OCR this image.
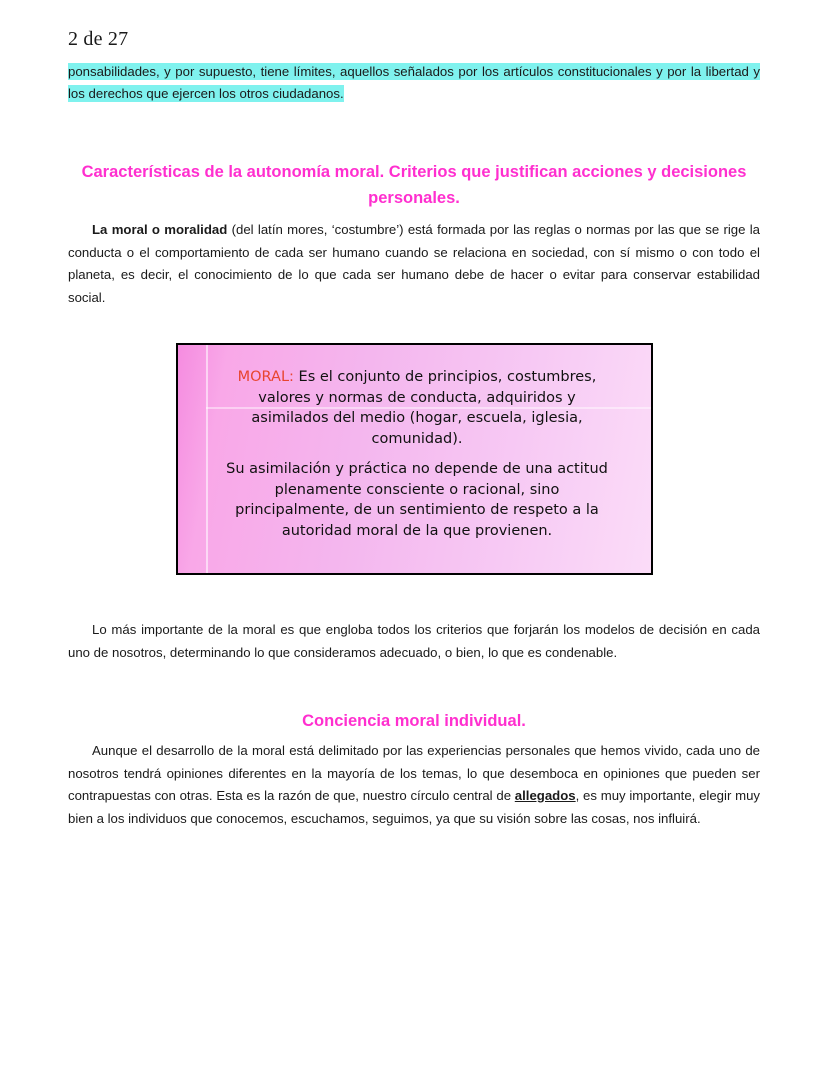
2 de 27

ponsabilidades, y por supuesto, tiene límites, aquellos señalados por los artículos constitucionales y por la libertad y los derechos que ejercen los otros ciudadanos.

Características de la autonomía moral. Criterios que justifican acciones y decisiones personales.

La moral o moralidad (del latín mores, ‘costumbre’) está formada por las reglas o normas por las que se rige la conducta o el comportamiento de cada ser humano cuando se relaciona en sociedad, con sí mismo o con todo el planeta, es decir, el conocimiento de lo que cada ser humano debe de hacer o evitar para conservar estabilidad social.

MORAL: Es el conjunto de principios, costumbres, valores y normas de conducta, adquiridos y asimilados del medio (hogar, escuela, iglesia, comunidad).
Su asimilación y práctica no depende de una actitud plenamente consciente o racional, sino principalmente, de un sentimiento de respeto a la autoridad moral de la que provienen.

Lo más importante de la moral es que engloba todos los criterios que forjarán los modelos de decisión en cada uno de nosotros, determinando lo que consideramos adecuado, o bien, lo que es condenable.

Conciencia moral individual.

Aunque el desarrollo de la moral está delimitado por las experiencias personales que hemos vivido, cada uno de nosotros tendrá opiniones diferentes en la mayoría de los temas, lo que desemboca en opiniones que pueden ser contrapuestas con otras. Esta es la razón de que, nuestro círculo central de allegados, es muy importante, elegir muy bien a los individuos que conocemos, escuchamos, seguimos, ya que su visión sobre las cosas, nos influirá.
